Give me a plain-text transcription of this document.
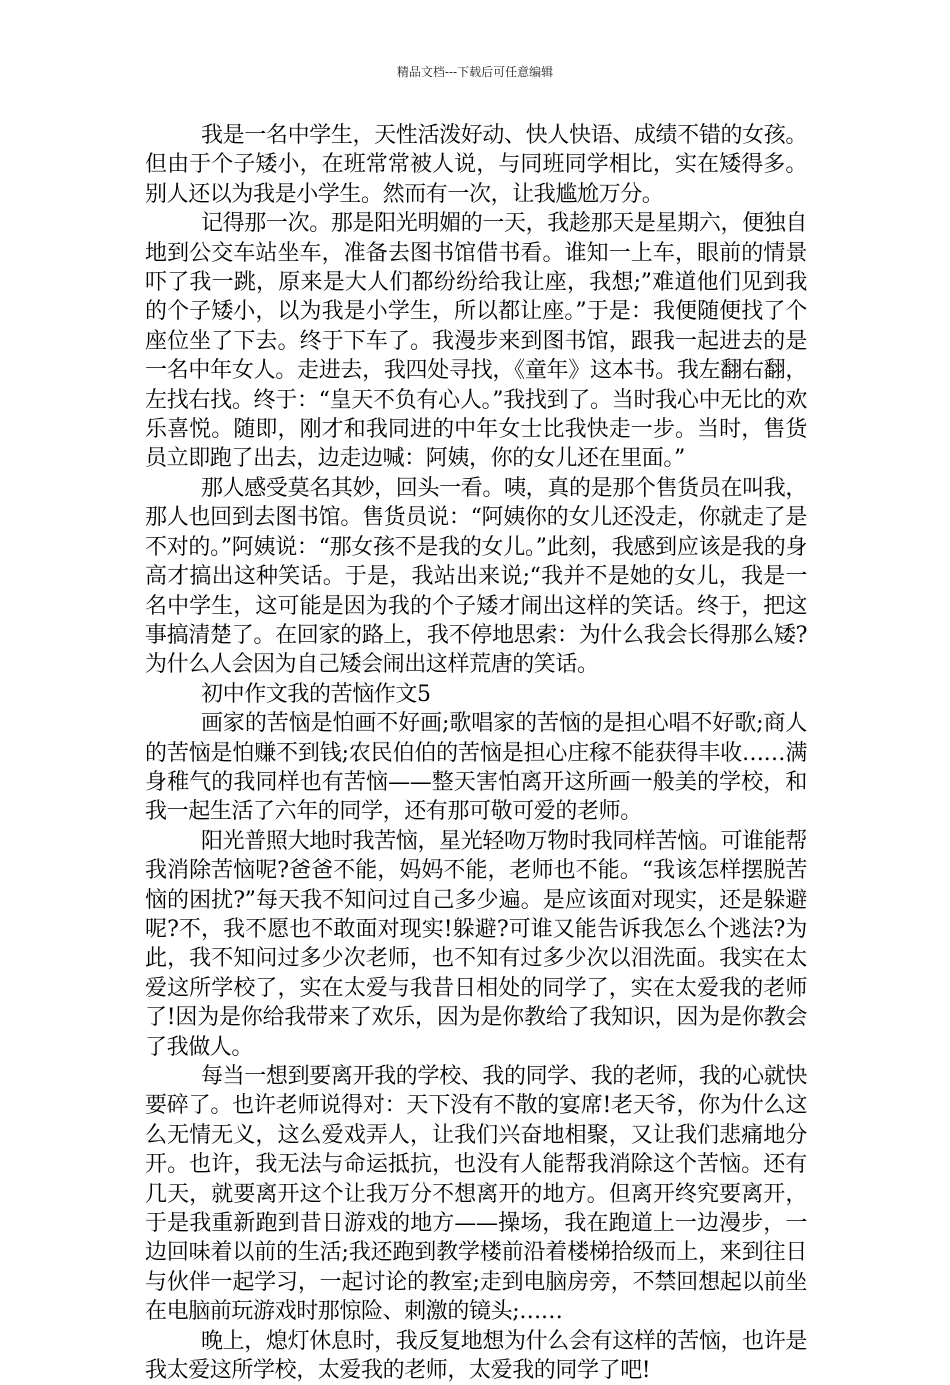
精品文档---下载后可任意编辑

我是一名中学生，天性活泼好动、快人快语、成绩不错的女孩。但由于个子矮小，在班常常被人说，与同班同学相比，实在矮得多。别人还以为我是小学生。然而有一次，让我尴尬万分。

记得那一次。那是阳光明媚的一天，我趁那天是星期六，便独自地到公交车站坐车，准备去图书馆借书看。谁知一上车，眼前的情景吓了我一跳，原来是大人们都纷纷给我让座，我想;”难道他们见到我的个子矮小，以为我是小学生，所以都让座。”于是：我便随便找了个座位坐了下去。终于下车了。我漫步来到图书馆，跟我一起进去的是一名中年女人。走进去，我四处寻找，《童年》这本书。我左翻右翻，左找右找。终于：“皇天不负有心人。”我找到了。当时我心中无比的欢乐喜悦。随即，刚才和我同进的中年女士比我快走一步。当时，售货员立即跑了出去，边走边喊：阿姨，你的女儿还在里面。”

那人感受莫名其妙，回头一看。咦，真的是那个售货员在叫我，那人也回到去图书馆。售货员说：“阿姨你的女儿还没走，你就走了是不对的。”阿姨说：“那女孩不是我的女儿。”此刻，我感到应该是我的身高才搞出这种笑话。于是，我站出来说;“我并不是她的女儿，我是一名中学生，这可能是因为我的个子矮才闹出这样的笑话。终于，把这事搞清楚了。在回家的路上，我不停地思索：为什么我会长得那么矮?为什么人会因为自己矮会闹出这样荒唐的笑话。

初中作文我的苦恼作文5

画家的苦恼是怕画不好画;歌唱家的苦恼的是担心唱不好歌;商人的苦恼是怕赚不到钱;农民伯伯的苦恼是担心庄稼不能获得丰收……满身稚气的我同样也有苦恼——整天害怕离开这所画一般美的学校，和我一起生活了六年的同学，还有那可敬可爱的老师。

阳光普照大地时我苦恼，星光轻吻万物时我同样苦恼。可谁能帮我消除苦恼呢?爸爸不能，妈妈不能，老师也不能。“我该怎样摆脱苦恼的困扰?”每天我不知问过自己多少遍。是应该面对现实，还是躲避呢?不，我不愿也不敢面对现实!躲避?可谁又能告诉我怎么个逃法?为此，我不知问过多少次老师，也不知有过多少次以泪洗面。我实在太爱这所学校了，实在太爱与我昔日相处的同学了，实在太爱我的老师了!因为是你给我带来了欢乐，因为是你教给了我知识，因为是你教会了我做人。

每当一想到要离开我的学校、我的同学、我的老师，我的心就快要碎了。也许老师说得对：天下没有不散的宴席!老天爷，你为什么这么无情无义，这么爱戏弄人，让我们兴奋地相聚，又让我们悲痛地分开。也许，我无法与命运抵抗，也没有人能帮我消除这个苦恼。还有几天，就要离开这个让我万分不想离开的地方。但离开终究要离开，于是我重新跑到昔日游戏的地方——操场，我在跑道上一边漫步，一边回味着以前的生活;我还跑到教学楼前沿着楼梯拾级而上，来到往日与伙伴一起学习，一起讨论的教室;走到电脑房旁，不禁回想起以前坐在电脑前玩游戏时那惊险、刺激的镜头;……

晚上，熄灯休息时，我反复地想为什么会有这样的苦恼，也许是我太爱这所学校，太爱我的老师，太爱我的同学了吧!
